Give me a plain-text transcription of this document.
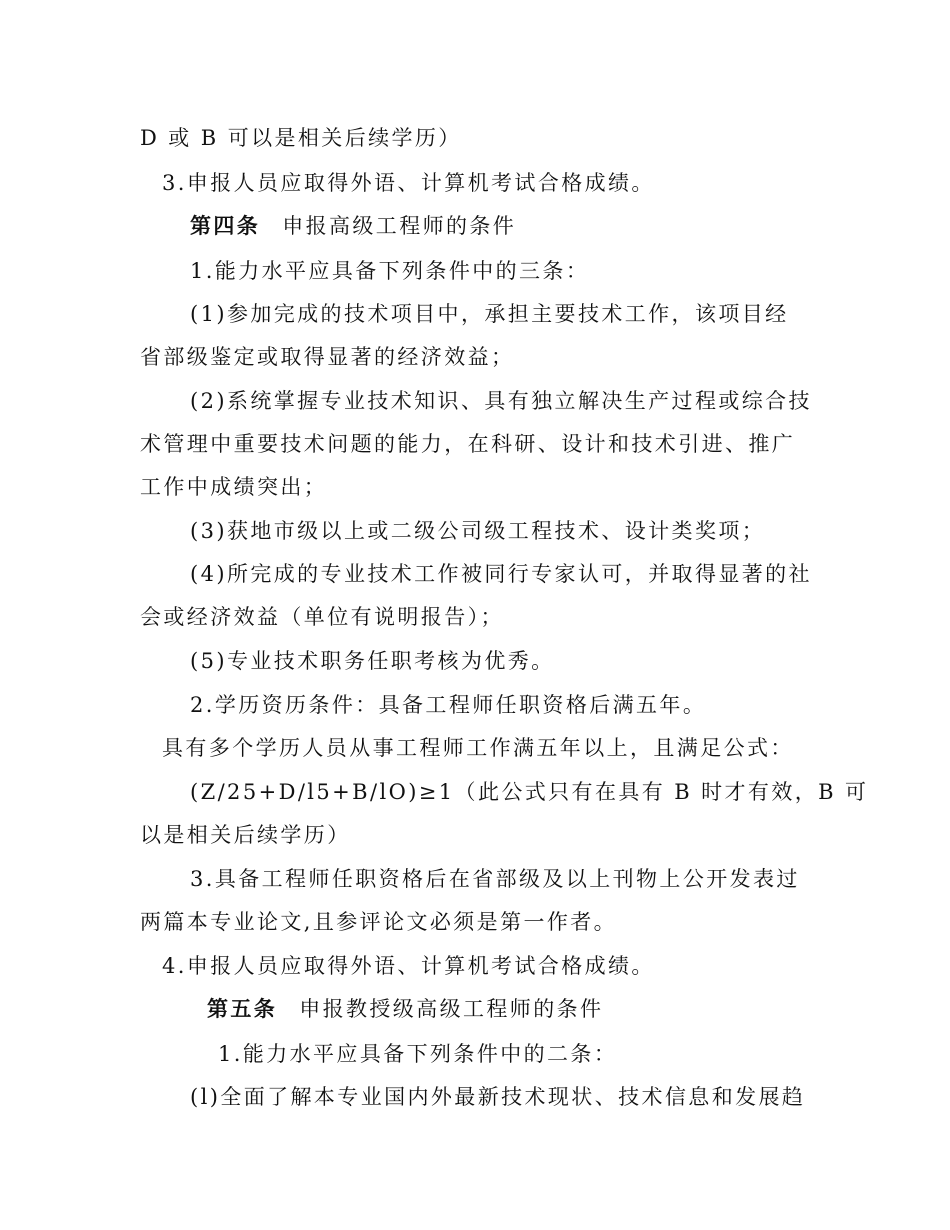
D 或 B 可以是相关后续学历）
3.申报人员应取得外语、计算机考试合格成绩。
第四条 申报高级工程师的条件
1.能力水平应具备下列条件中的三条：
(1)参加完成的技术项目中，承担主要技术工作，该项目经
省部级鉴定或取得显著的经济效益；
(2)系统掌握专业技术知识、具有独立解决生产过程或综合技
术管理中重要技术问题的能力，在科研、设计和技术引进、推广
工作中成绩突出；
(3)获地市级以上或二级公司级工程技术、设计类奖项；
(4)所完成的专业技术工作被同行专家认可，并取得显著的社
会或经济效益（单位有说明报告）；
(5)专业技术职务任职考核为优秀。
2.学历资历条件：具备工程师任职资格后满五年。
具有多个学历人员从事工程师工作满五年以上，且满足公式：
(Z/25+D/l5+B/lO)≥1（此公式只有在具有 B 时才有效，B 可
以是相关后续学历）
3.具备工程师任职资格后在省部级及以上刊物上公开发表过
两篇本专业论文,且参评论文必须是第一作者。
4.申报人员应取得外语、计算机考试合格成绩。
第五条 申报教授级高级工程师的条件
1.能力水平应具备下列条件中的二条：
(l)全面了解本专业国内外最新技术现状、技术信息和发展趋
